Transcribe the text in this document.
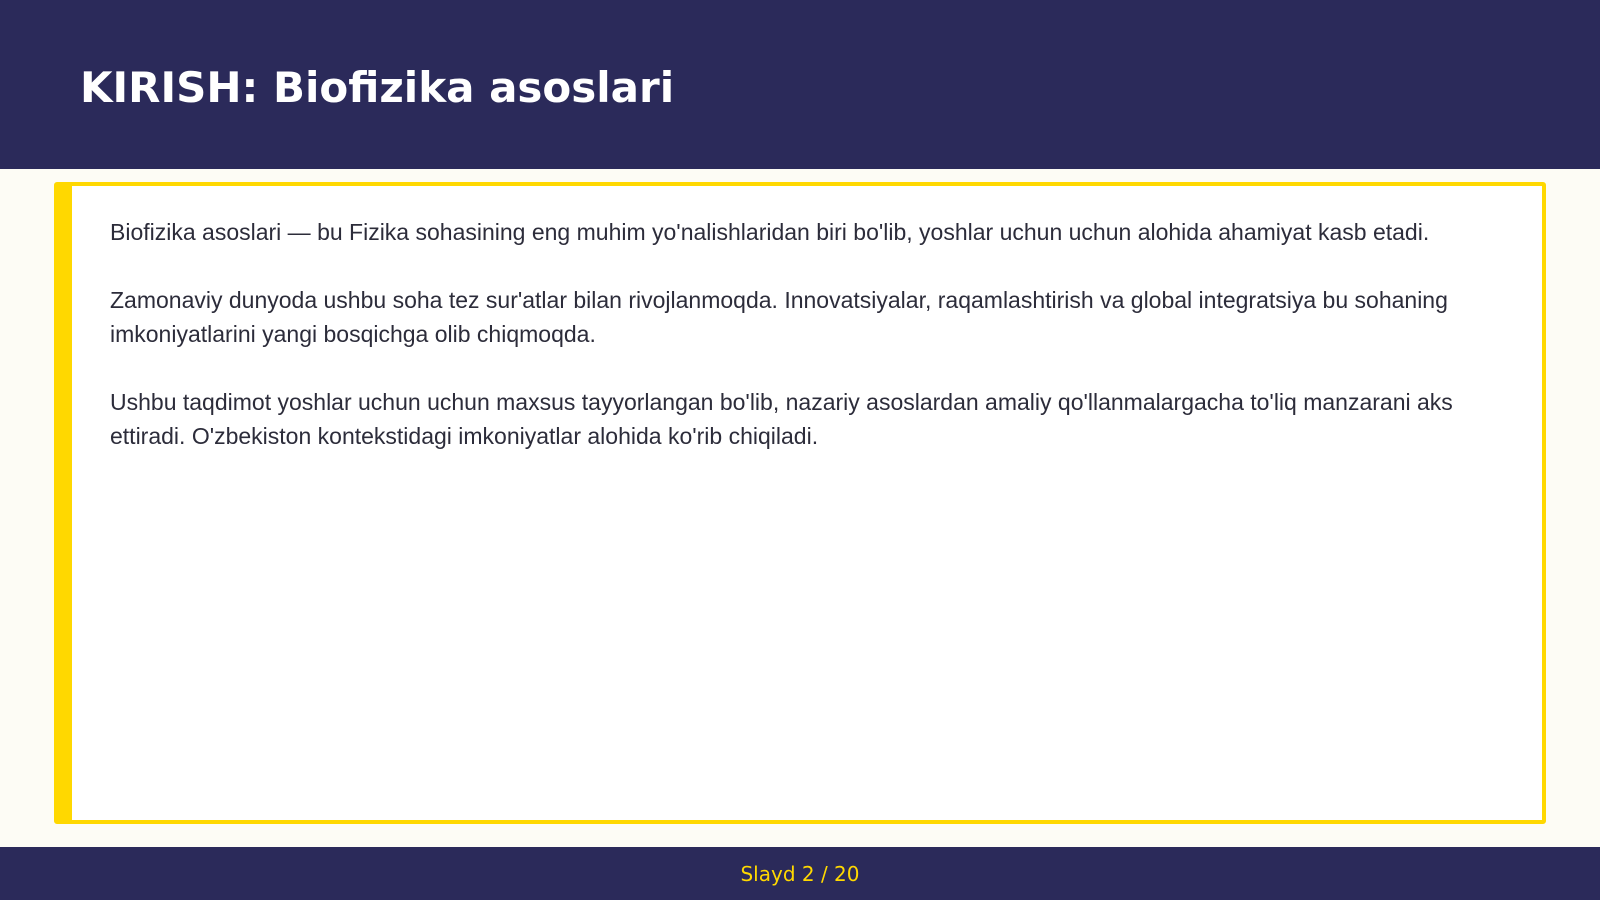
KIRISH: Biofizika asoslari

Biofizika asoslari — bu Fizika sohasining eng muhim yo'nalishlaridan biri bo'lib, yoshlar uchun uchun alohida ahamiyat kasb etadi.

Zamonaviy dunyoda ushbu soha tez sur'atlar bilan rivojlanmoqda. Innovatsiyalar, raqamlashtirish va global integratsiya bu sohaning imkoniyatlarini yangi bosqichga olib chiqmoqda.

Ushbu taqdimot yoshlar uchun uchun maxsus tayyorlangan bo'lib, nazariy asoslardan amaliy qo'llanmalargacha to'liq manzarani aks ettiradi. O'zbekiston kontekstidagi imkoniyatlar alohida ko'rib chiqiladi.

Slayd 2 / 20
